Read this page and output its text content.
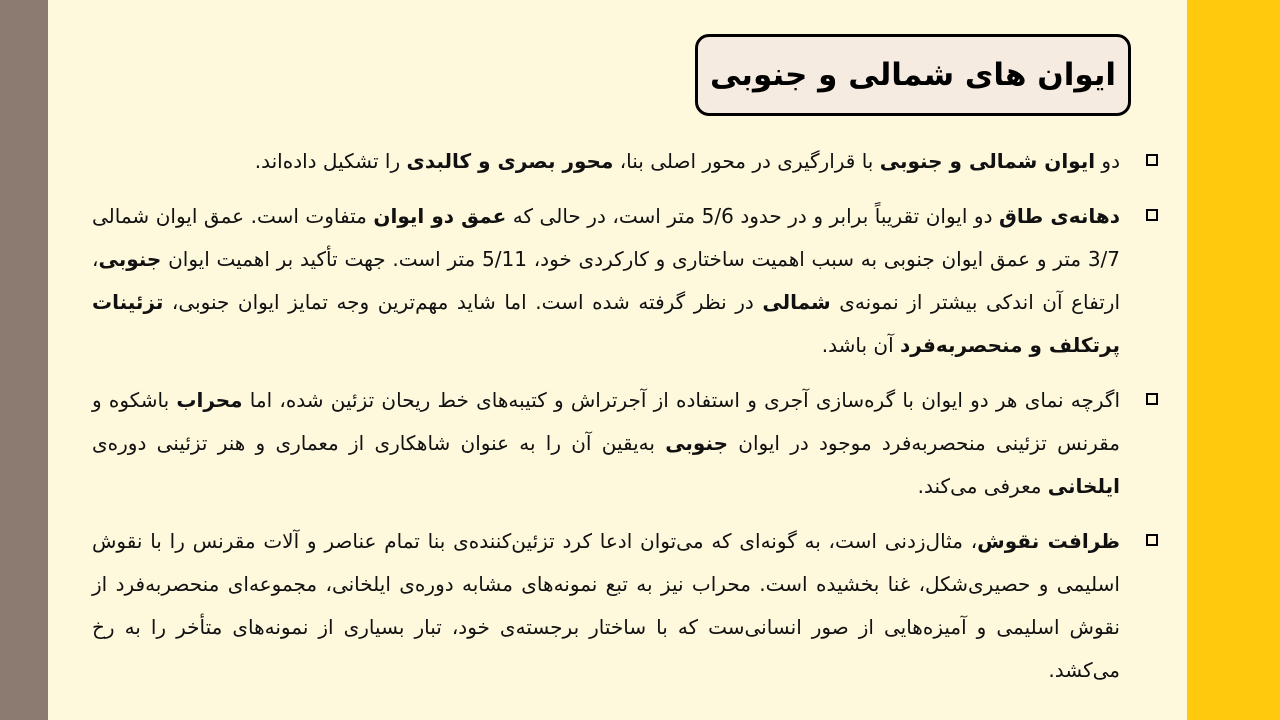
ایوان های شمالی و جنوبی

دو ایوان شمالی و جنوبی با قرارگیری در محور اصلی بنا، محور بصری و کالبدی را تشکیل داده‌اند.

دهانه‌ی طاق دو ایوان تقریباً برابر و در حدود 5/6 متر است، در حالی که عمق دو ایوان متفاوت است. عمق ایوان شمالی 3/7 متر و عمق ایوان جنوبی به سبب اهمیت ساختاری و کارکردی خود، 5/11 متر است. جهت تأکید بر اهمیت ایوان جنوبی، ارتفاع آن اندکی بیشتر از نمونه‌ی شمالی در نظر گرفته شده است. اما شاید مهم‌ترین وجه تمایز ایوان جنوبی، تزئینات پرتکلف و منحصربه‌فرد آن باشد.

اگرچه نمای هر دو ایوان با گره‌سازی آجری و استفاده از آجرتراش و کتیبه‌های خط ریحان تزئین شده، اما محراب باشکوه و مقرنس تزئینی منحصربه‌فرد موجود در ایوان جنوبی به‌یقین آن را به عنوان شاهکاری از معماری و هنر تزئینی دوره‌ی ایلخانی معرفی می‌کند.

ظرافت نقوش، مثال‌زدنی است، به گونه‌ای که می‌توان ادعا کرد تزئین‌کننده‌ی بنا تمام عناصر و آلات مقرنس را با نقوش اسلیمی و حصیری‌شکل، غنا بخشیده است. محراب نیز به تبع نمونه‌های مشابه دوره‌ی ایلخانی، مجموعه‌ای منحصربه‌فرد از نقوش اسلیمی و آمیزه‌هایی از صور انسانی‌ست که با ساختار برجسته‌ی خود، تبار بسیاری از نمونه‌های متأخر را به رخ می‌کشد.
